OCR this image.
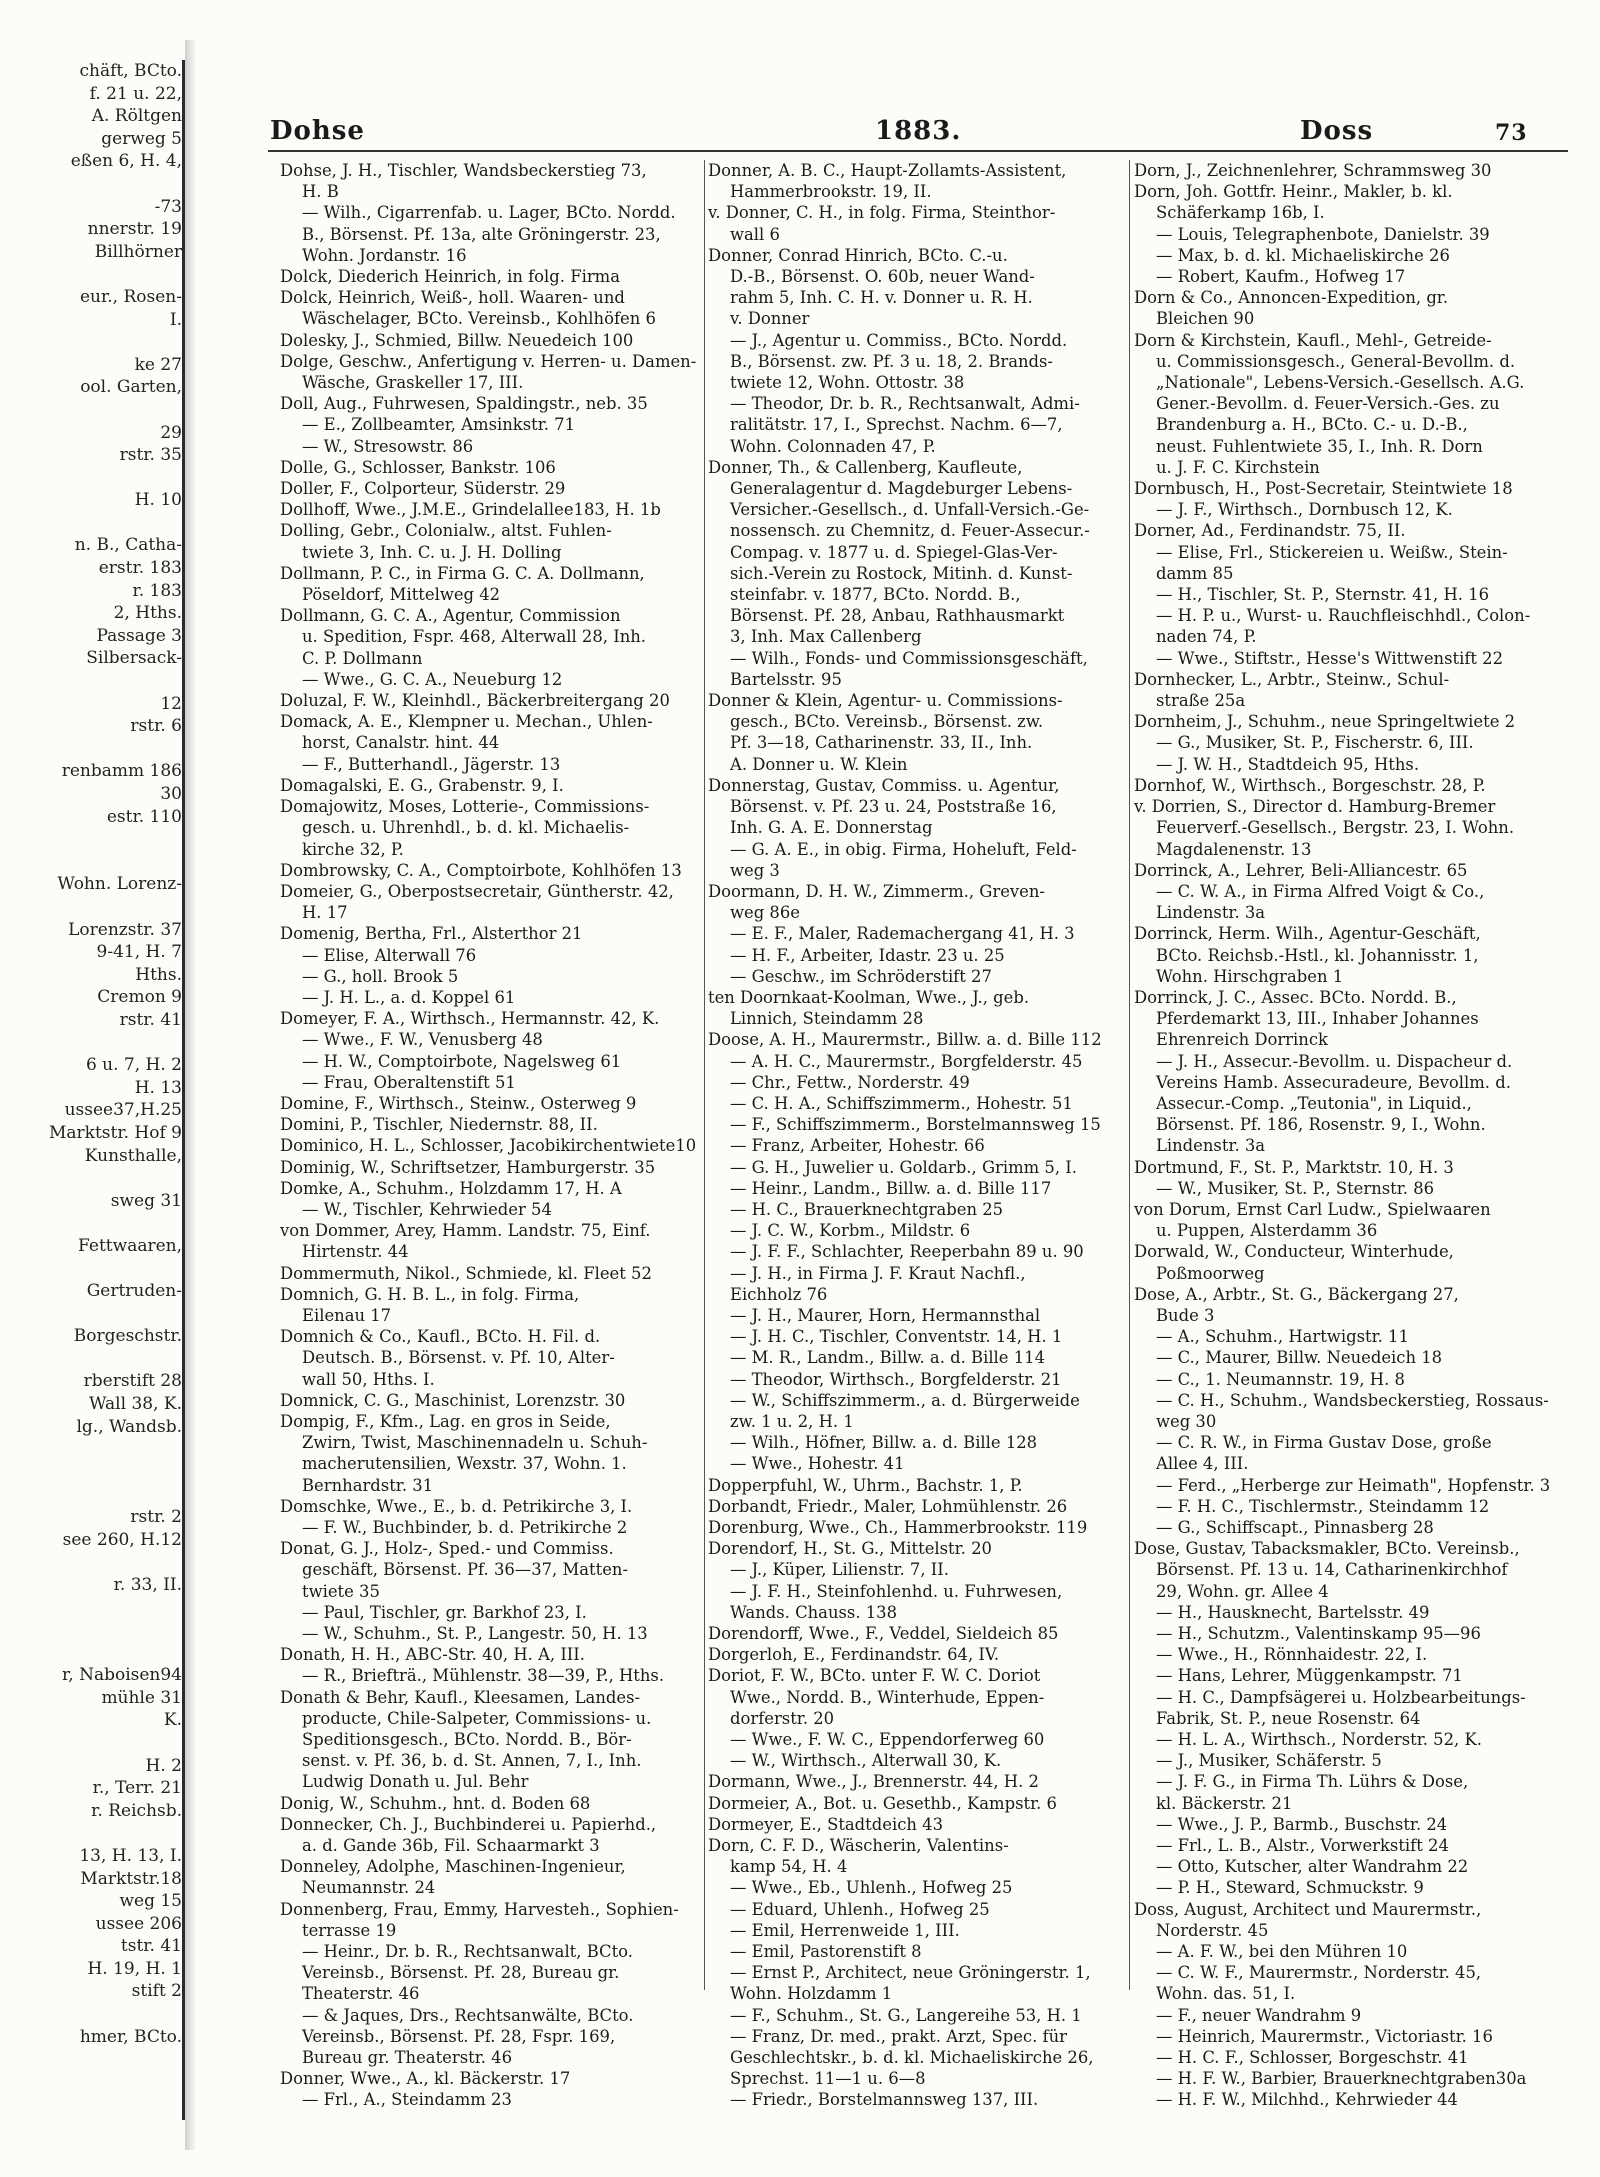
chäft, BCto.
f. 21 u. 22,
A. Röltgen
gerweg 5
eßen 6, H. 4,

-73
nnerstr. 19
Billhörner

eur., Rosen-
I.

ke 27
ool. Garten,

29
rstr. 35

H. 10

n. B., Catha-
erstr. 183
r. 183
2, Hths.
Passage 3
Silbersack-

12
rstr. 6

renbamm 186
30
estr. 110

Wohn. Lorenz-

Lorenzstr. 37
9-41, H. 7
Hths.
Cremon 9
rstr. 41

6 u. 7, H. 2
H. 13
ussee37,H.25
Marktstr. Hof 9
Kunsthalle,

sweg 31

Fettwaaren,

Gertruden-

Borgeschstr.

rberstift 28
Wall 38, K.
lg., Wandsb.

rstr. 2
see 260, H.12

r. 33, II.

r, Naboisen94
mühle 31
K.

H. 2
r., Terr. 21
r. Reichsb.

13, H. 13, I.
Marktstr.18
weg 15
ussee 206
tstr. 41
H. 19, H. 1
stift 2

hmer, BCto.
Dohse	1883.	Doss	73
Dohse, J. H., Tischler, Wandsbeckerstieg 73,
H. B
— Wilh., Cigarrenfab. u. Lager, BCto. Nordd.
B., Börsenst. Pf. 13a, alte Gröningerstr. 23,
Wohn. Jordanstr. 16
Dolck, Diederich Heinrich, in folg. Firma
Dolck, Heinrich, Weiß-, holl. Waaren- und
Wäschelager, BCto. Vereinsb., Kohlhöfen 6
Dolesky, J., Schmied, Billw. Neuedeich 100
Dolge, Geschw., Anfertigung v. Herren- u. Damen-
Wäsche, Graskeller 17, III.
Doll, Aug., Fuhrwesen, Spaldingstr., neb. 35
— E., Zollbeamter, Amsinkstr. 71
— W., Stresowstr. 86
Dolle, G., Schlosser, Bankstr. 106
Doller, F., Colporteur, Süderstr. 29
Dollhoff, Wwe., J.M.E., Grindelallee183, H. 1b
Dolling, Gebr., Colonialw., altst. Fuhlen-
twiete 3, Inh. C. u. J. H. Dolling
Dollmann, P. C., in Firma G. C. A. Dollmann,
Pöseldorf, Mittelweg 42
Dollmann, G. C. A., Agentur, Commission
u. Spedition, Fspr. 468, Alterwall 28, Inh.
C. P. Dollmann
— Wwe., G. C. A., Neueburg 12
Doluzal, F. W., Kleinhdl., Bäckerbreitergang 20
Domack, A. E., Klempner u. Mechan., Uhlen-
horst, Canalstr. hint. 44
— F., Butterhandl., Jägerstr. 13
Domagalski, E. G., Grabenstr. 9, I.
Domajowitz, Moses, Lotterie-, Commissions-
gesch. u. Uhrenhdl., b. d. kl. Michaelis-
kirche 32, P.
Dombrowsky, C. A., Comptoirbote, Kohlhöfen 13
Domeier, G., Oberpostsecretair, Güntherstr. 42,
H. 17
Domenig, Bertha, Frl., Alsterthor 21
— Elise, Alterwall 76
— G., holl. Brook 5
— J. H. L., a. d. Koppel 61
Domeyer, F. A., Wirthsch., Hermannstr. 42, K.
— Wwe., F. W., Venusberg 48
— H. W., Comptoirbote, Nagelsweg 61
— Frau, Oberaltenstift 51
Domine, F., Wirthsch., Steinw., Osterweg 9
Domini, P., Tischler, Niedernstr. 88, II.
Dominico, H. L., Schlosser, Jacobikirchentwiete10
Dominig, W., Schriftsetzer, Hamburgerstr. 35
Domke, A., Schuhm., Holzdamm 17, H. A
— W., Tischler, Kehrwieder 54
von Dommer, Arey, Hamm. Landstr. 75, Einf.
Hirtenstr. 44
Dommermuth, Nikol., Schmiede, kl. Fleet 52
Domnich, G. H. B. L., in folg. Firma,
Eilenau 17
Domnich & Co., Kaufl., BCto. H. Fil. d.
Deutsch. B., Börsenst. v. Pf. 10, Alter-
wall 50, Hths. I.
Domnick, C. G., Maschinist, Lorenzstr. 30
Dompig, F., Kfm., Lag. en gros in Seide,
Zwirn, Twist, Maschinennadeln u. Schuh-
macherutensilien, Wexstr. 37, Wohn. 1.
Bernhardstr. 31
Domschke, Wwe., E., b. d. Petrikirche 3, I.
— F. W., Buchbinder, b. d. Petrikirche 2
Donat, G. J., Holz-, Sped.- und Commiss.
geschäft, Börsenst. Pf. 36—37, Matten-
twiete 35
— Paul, Tischler, gr. Barkhof 23, I.
— W., Schuhm., St. P., Langestr. 50, H. 13
Donath, H. H., ABC-Str. 40, H. A, III.
— R., Briefträ., Mühlenstr. 38—39, P., Hths.
Donath & Behr, Kaufl., Kleesamen, Landes-
producte, Chile-Salpeter, Commissions- u.
Speditionsgesch., BCto. Nordd. B., Bör-
senst. v. Pf. 36, b. d. St. Annen, 7, I., Inh.
Ludwig Donath u. Jul. Behr
Donig, W., Schuhm., hnt. d. Boden 68
Donnecker, Ch. J., Buchbinderei u. Papierhd.,
a. d. Gande 36b, Fil. Schaarmarkt 3
Donneley, Adolphe, Maschinen-Ingenieur,
Neumannstr. 24
Donnenberg, Frau, Emmy, Harvesteh., Sophien-
terrasse 19
— Heinr., Dr. b. R., Rechtsanwalt, BCto.
Vereinsb., Börsenst. Pf. 28, Bureau gr.
Theaterstr. 46
— & Jaques, Drs., Rechtsanwälte, BCto.
Vereinsb., Börsenst. Pf. 28, Fspr. 169,
Bureau gr. Theaterstr. 46
Donner, Wwe., A., kl. Bäckerstr. 17
— Frl., A., Steindamm 23
Donner, A. B. C., Haupt-Zollamts-Assistent,
Hammerbrookstr. 19, II.
v. Donner, C. H., in folg. Firma, Steinthor-
wall 6
Donner, Conrad Hinrich, BCto. C.-u.
D.-B., Börsenst. O. 60b, neuer Wand-
rahm 5, Inh. C. H. v. Donner u. R. H.
v. Donner
— J., Agentur u. Commiss., BCto. Nordd.
B., Börsenst. zw. Pf. 3 u. 18, 2. Brands-
twiete 12, Wohn. Ottostr. 38
— Theodor, Dr. b. R., Rechtsanwalt, Admi-
ralitätstr. 17, I., Sprechst. Nachm. 6—7,
Wohn. Colonnaden 47, P.
Donner, Th., & Callenberg, Kaufleute,
Generalagentur d. Magdeburger Lebens-
Versicher.-Gesellsch., d. Unfall-Versich.-Ge-
nossensch. zu Chemnitz, d. Feuer-Assecur.-
Compag. v. 1877 u. d. Spiegel-Glas-Ver-
sich.-Verein zu Rostock, Mitinh. d. Kunst-
steinfabr. v. 1877, BCto. Nordd. B.,
Börsenst. Pf. 28, Anbau, Rathhausmarkt
3, Inh. Max Callenberg
— Wilh., Fonds- und Commissionsgeschäft,
Bartelsstr. 95
Donner & Klein, Agentur- u. Commissions-
gesch., BCto. Vereinsb., Börsenst. zw.
Pf. 3—18, Catharinenstr. 33, II., Inh.
A. Donner u. W. Klein
Donnerstag, Gustav, Commiss. u. Agentur,
Börsenst. v. Pf. 23 u. 24, Poststraße 16,
Inh. G. A. E. Donnerstag
— G. A. E., in obig. Firma, Hoheluft, Feld-
weg 3
Doormann, D. H. W., Zimmerm., Greven-
weg 86e
— E. F., Maler, Rademachergang 41, H. 3
— H. F., Arbeiter, Idastr. 23 u. 25
— Geschw., im Schröderstift 27
ten Doornkaat-Koolman, Wwe., J., geb.
Linnich, Steindamm 28
Doose, A. H., Maurermstr., Billw. a. d. Bille 112
— A. H. C., Maurermstr., Borgfelderstr. 45
— Chr., Fettw., Norderstr. 49
— C. H. A., Schiffszimmerm., Hohestr. 51
— F., Schiffszimmerm., Borstelmannsweg 15
— Franz, Arbeiter, Hohestr. 66
— G. H., Juwelier u. Goldarb., Grimm 5, I.
— Heinr., Landm., Billw. a. d. Bille 117
— H. C., Brauerknechtgraben 25
— J. C. W., Korbm., Mildstr. 6
— J. F. F., Schlachter, Reeperbahn 89 u. 90
— J. H., in Firma J. F. Kraut Nachfl.,
Eichholz 76
— J. H., Maurer, Horn, Hermannsthal
— J. H. C., Tischler, Conventstr. 14, H. 1
— M. R., Landm., Billw. a. d. Bille 114
— Theodor, Wirthsch., Borgfelderstr. 21
— W., Schiffszimmerm., a. d. Bürgerweide
zw. 1 u. 2, H. 1
— Wilh., Höfner, Billw. a. d. Bille 128
— Wwe., Hohestr. 41
Dopperpfuhl, W., Uhrm., Bachstr. 1, P.
Dorbandt, Friedr., Maler, Lohmühlenstr. 26
Dorenburg, Wwe., Ch., Hammerbrookstr. 119
Dorendorf, H., St. G., Mittelstr. 20
— J., Küper, Lilienstr. 7, II.
— J. F. H., Steinfohlenhd. u. Fuhrwesen,
Wands. Chauss. 138
Dorendorff, Wwe., F., Veddel, Sieldeich 85
Dorgerloh, E., Ferdinandstr. 64, IV.
Doriot, F. W., BCto. unter F. W. C. Doriot
Wwe., Nordd. B., Winterhude, Eppen-
dorferstr. 20
— Wwe., F. W. C., Eppendorferweg 60
— W., Wirthsch., Alterwall 30, K.
Dormann, Wwe., J., Brennerstr. 44, H. 2
Dormeier, A., Bot. u. Gesethb., Kampstr. 6
Dormeyer, E., Stadtdeich 43
Dorn, C. F. D., Wäscherin, Valentins-
kamp 54, H. 4
— Wwe., Eb., Uhlenh., Hofweg 25
— Eduard, Uhlenh., Hofweg 25
— Emil, Herrenweide 1, III.
— Emil, Pastorenstift 8
— Ernst P., Architect, neue Gröningerstr. 1,
Wohn. Holzdamm 1
— F., Schuhm., St. G., Langereihe 53, H. 1
— Franz, Dr. med., prakt. Arzt, Spec. für
Geschlechtskr., b. d. kl. Michaeliskirche 26,
Sprechst. 11—1 u. 6—8
— Friedr., Borstelmannsweg 137, III.
Dorn, J., Zeichnenlehrer, Schrammsweg 30
Dorn, Joh. Gottfr. Heinr., Makler, b. kl.
Schäferkamp 16b, I.
— Louis, Telegraphenbote, Danielstr. 39
— Max, b. d. kl. Michaeliskirche 26
— Robert, Kaufm., Hofweg 17
Dorn & Co., Annoncen-Expedition, gr.
Bleichen 90
Dorn & Kirchstein, Kaufl., Mehl-, Getreide-
u. Commissionsgesch., General-Bevollm. d.
„Nationale", Lebens-Versich.-Gesellsch. A.G.
Gener.-Bevollm. d. Feuer-Versich.-Ges. zu
Brandenburg a. H., BCto. C.- u. D.-B.,
neust. Fuhlentwiete 35, I., Inh. R. Dorn
u. J. F. C. Kirchstein
Dornbusch, H., Post-Secretair, Steintwiete 18
— J. F., Wirthsch., Dornbusch 12, K.
Dorner, Ad., Ferdinandstr. 75, II.
— Elise, Frl., Stickereien u. Weißw., Stein-
damm 85
— H., Tischler, St. P., Sternstr. 41, H. 16
— H. P. u., Wurst- u. Rauchfleischhdl., Colon-
naden 74, P.
— Wwe., Stiftstr., Hesse's Wittwenstift 22
Dornhecker, L., Arbtr., Steinw., Schul-
straße 25a
Dornheim, J., Schuhm., neue Springeltwiete 2
— G., Musiker, St. P., Fischerstr. 6, III.
— J. W. H., Stadtdeich 95, Hths.
Dornhof, W., Wirthsch., Borgeschstr. 28, P.
v. Dorrien, S., Director d. Hamburg-Bremer
Feuerverf.-Gesellsch., Bergstr. 23, I. Wohn.
Magdalenenstr. 13
Dorrinck, A., Lehrer, Beli-Alliancestr. 65
— C. W. A., in Firma Alfred Voigt & Co.,
Lindenstr. 3a
Dorrinck, Herm. Wilh., Agentur-Geschäft,
BCto. Reichsb.-Hstl., kl. Johannisstr. 1,
Wohn. Hirschgraben 1
Dorrinck, J. C., Assec. BCto. Nordd. B.,
Pferdemarkt 13, III., Inhaber Johannes
Ehrenreich Dorrinck
— J. H., Assecur.-Bevollm. u. Dispacheur d.
Vereins Hamb. Assecuradeure, Bevollm. d.
Assecur.-Comp. „Teutonia", in Liquid.,
Börsenst. Pf. 186, Rosenstr. 9, I., Wohn.
Lindenstr. 3a
Dortmund, F., St. P., Marktstr. 10, H. 3
— W., Musiker, St. P., Sternstr. 86
von Dorum, Ernst Carl Ludw., Spielwaaren
u. Puppen, Alsterdamm 36
Dorwald, W., Conducteur, Winterhude,
Poßmoorweg
Dose, A., Arbtr., St. G., Bäckergang 27,
Bude 3
— A., Schuhm., Hartwigstr. 11
— C., Maurer, Billw. Neuedeich 18
— C., 1. Neumannstr. 19, H. 8
— C. H., Schuhm., Wandsbeckerstieg, Rossaus-
weg 30
— C. R. W., in Firma Gustav Dose, große
Allee 4, III.
— Ferd., „Herberge zur Heimath", Hopfenstr. 3
— F. H. C., Tischlermstr., Steindamm 12
— G., Schiffscapt., Pinnasberg 28
Dose, Gustav, Tabacksmakler, BCto. Vereinsb.,
Börsenst. Pf. 13 u. 14, Catharinenkirchhof
29, Wohn. gr. Allee 4
— H., Hausknecht, Bartelsstr. 49
— H., Schutzm., Valentinskamp 95—96
— Wwe., H., Rönnhaidestr. 22, I.
— Hans, Lehrer, Müggenkampstr. 71
— H. C., Dampfsägerei u. Holzbearbeitungs-
Fabrik, St. P., neue Rosenstr. 64
— H. L. A., Wirthsch., Norderstr. 52, K.
— J., Musiker, Schäferstr. 5
— J. F. G., in Firma Th. Lührs & Dose,
kl. Bäckerstr. 21
— Wwe., J. P., Barmb., Buschstr. 24
— Frl., L. B., Alstr., Vorwerkstift 24
— Otto, Kutscher, alter Wandrahm 22
— P. H., Steward, Schmuckstr. 9
Doss, August, Architect und Maurermstr.,
Norderstr. 45
— A. F. W., bei den Mühren 10
— C. W. F., Maurermstr., Norderstr. 45,
Wohn. das. 51, I.
— F., neuer Wandrahm 9
— Heinrich, Maurermstr., Victoriastr. 16
— H. C. F., Schlosser, Borgeschstr. 41
— H. F. W., Barbier, Brauerknechtgraben30a
— H. F. W., Milchhd., Kehrwieder 44
